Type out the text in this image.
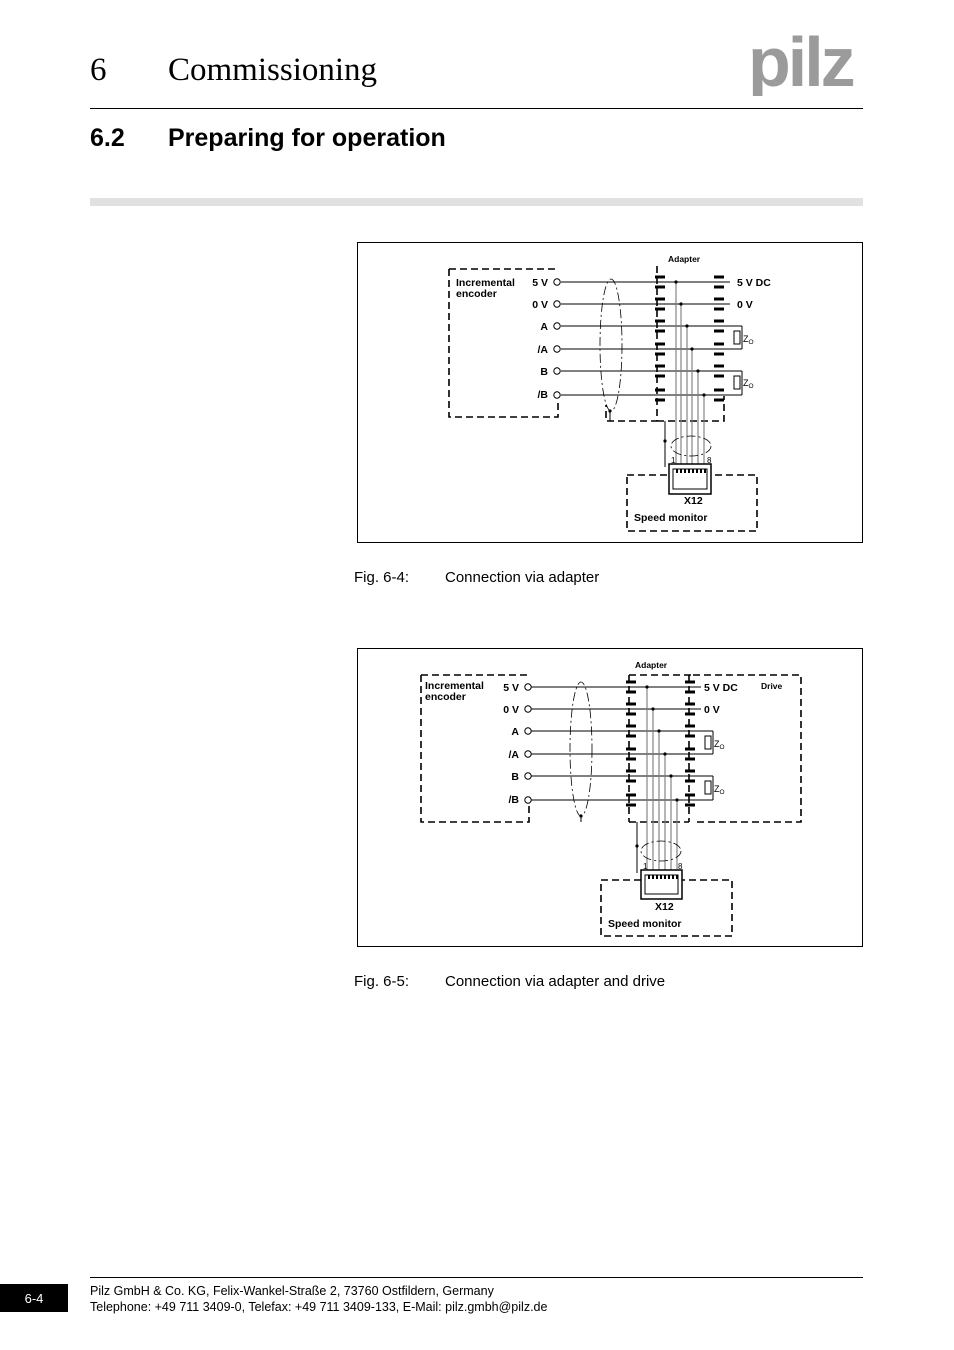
6 Commissioning	pilz
6.2 Preparing for operation
Adapter
Incremental
encoder
5 V
0 V
A
/A
B
/B
5 V DC
0 V
$Z_O$
$Z_O$
1	8
X12
Speed monitor
Fig. 6-4: Connection via adapter
Adapter
Drive
Incremental
encoder
5 V
0 V
A
/A
B
/B
5 V DC
0 V
$Z_O$
$Z_O$
1	8
X12
Speed monitor
Fig. 6-5: Connection via adapter and drive
6-4	Pilz GmbH & Co. KG, Felix-Wankel-Straße 2, 73760 Ostfildern, Germany
Telephone: +49 711 3409-0, Telefax: +49 711 3409-133, E-Mail: pilz.gmbh@pilz.de
